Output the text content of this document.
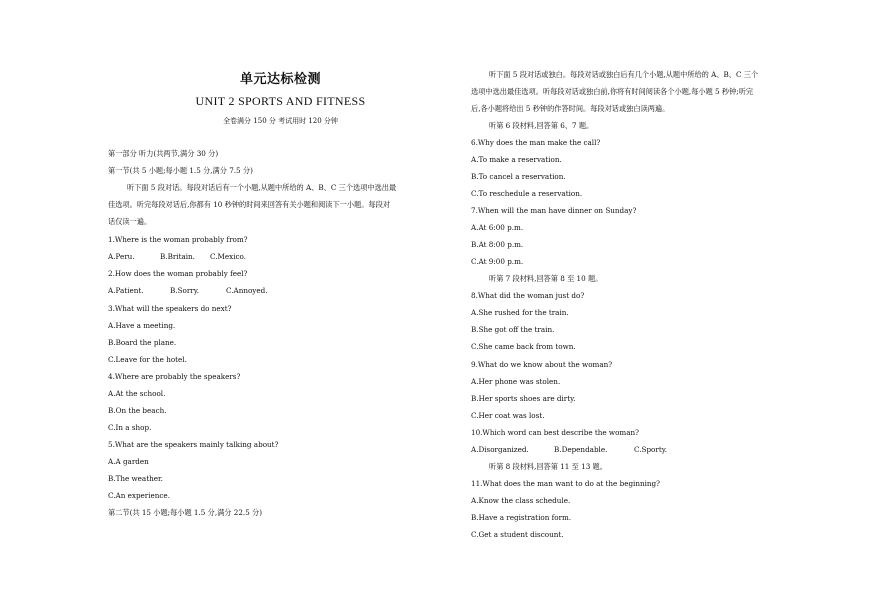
单元达标检测
UNIT 2 SPORTS AND FITNESS
全卷满分 150 分 考试用时 120 分钟
第一部分 听力(共两节,满分 30 分)
第一节(共 5 小题;每小题 1.5 分,满分 7.5 分)
听下面 5 段对话。每段对话后有一个小题,从题中所给的 A、B、C 三个选项中选出最
佳选项。听完每段对话后,你都有 10 秒钟的时间来回答有关小题和阅读下一小题。每段对
话仅读一遍。
1.Where is the woman probably from?
A.Peru.	B.Britain. C.Mexico.
2.How does the woman probably feel?
A.Patient.	B.Sorry.	C.Annoyed.
3.What will the speakers do next?
A.Have a meeting.
B.Board the plane.
C.Leave for the hotel.
4.Where are probably the speakers?
A.At the school.
B.On the beach.
C.In a shop.
5.What are the speakers mainly talking about?
A.A garden
B.The weather.
C.An experience.
第二节(共 15 小题;每小题 1.5 分,满分 22.5 分)
听下面 5 段对话或独白。每段对话或独白后有几个小题,从题中所给的 A、B、C 三个
选项中选出最佳选项。听每段对话或独白前,你将有时间阅读各个小题,每小题 5 秒钟;听完
后,各小题将给出 5 秒钟的作答时间。每段对话或独白读两遍。
听第 6 段材料,回答第 6、7 题。
6.Why does the man make the call?
A.To make a reservation.
B.To cancel a reservation.
C.To reschedule a reservation.
7.When will the man have dinner on Sunday?
A.At 6:00 p.m.
B.At 8:00 p.m.
C.At 9:00 p.m.
听第 7 段材料,回答第 8 至 10 题。
8.What did the woman just do?
A.She rushed for the train.
B.She got off the train.
C.She came back from town.
9.What do we know about the woman?
A.Her phone was stolen.
B.Her sports shoes are dirty.
C.Her coat was lost.
10.Which word can best describe the woman?
A.Disorganized.	B.Dependable.	C.Sporty.
听第 8 段材料,回答第 11 至 13 题。
11.What does the man want to do at the beginning?
A.Know the class schedule.
B.Have a registration form.
C.Get a student discount.
